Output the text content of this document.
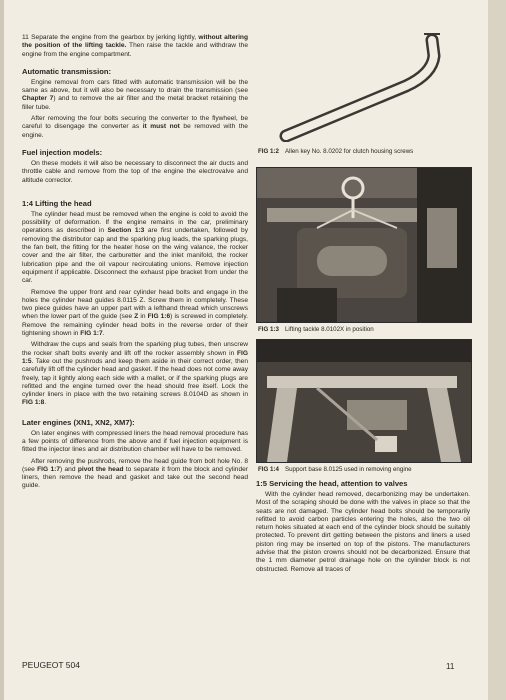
11 Separate the engine from the gearbox by jerking lightly, without altering the position of the lifting tackle. Then raise the tackle and withdraw the engine from the engine compartment.

Automatic transmission:

Engine removal from cars fitted with automatic transmission will be the same as above, but it will also be necessary to drain the transmission (see Chapter 7) and to remove the air filter and the metal bracket retaining the filler tube.

After removing the four bolts securing the converter to the flywheel, be careful to disengage the converter as it must not be removed with the engine.

Fuel injection models:

On these models it will also be necessary to disconnect the air ducts and throttle cable and remove from the top of the engine the electrovalve and altitude corrector.

1:4 Lifting the head

The cylinder head must be removed when the engine is cold to avoid the possibility of deformation. If the engine remains in the car, preliminary operations as described in Section 1:3 are first undertaken, followed by removing the distributor cap and the sparking plug leads, the sparking plugs, the fan belt, the fitting for the heater hose on the wing valance, the rocker cover and the air filter, the carburetter and the inlet manifold, the rocker lubrication pipe and the oil vapour recirculating unions. Remove injection equipment if applicable. Disconnect the exhaust pipe bracket from under the car.

Remove the upper front and rear cylinder head bolts and engage in the holes the cylinder head guides 8.0115 Z. Screw them in completely. These two piece guides have an upper part with a lefthand thread which unscrews when the lower part of the guide (see Z in FIG 1:6) is screwed in completely. Remove the remaining cylinder head bolts in the reverse order of their tightening shown in FIG 1:7.

Withdraw the cups and seals from the sparking plug tubes, then unscrew the rocker shaft bolts evenly and lift off the rocker assembly shown in FIG 1:5. Take out the pushrods and keep them aside in their correct order, then carefully lift off the cylinder head and gasket. If the head does not come away freely, tap it lightly along each side with a mallet, or if the sparking plugs are refitted and the engine turned over the head should free itself. Lock the cylinder liners in place with the two retaining screws 8.0104D as shown in FIG 1:8.

Later engines (XN1, XN2, XM7):

On later engines with compressed liners the head removal procedure has a few points of difference from the above and if fuel injection equipment is fitted the injector lines and air distribution chamber will have to be removed.

After removing the pushrods, remove the head guide from bolt hole No. 8 (see FIG 1:7) and pivot the head to separate it from the block and cylinder liners, then remove the head and gasket and take out the second head guide.

FIG 1:2 Allen key No. 8.0202 for clutch housing screws
FIG 1:3 Lifting tackle 8.0102X in position
FIG 1:4 Support base 8.0125 used in removing engine
1:5 Servicing the head, attention to valves

With the cylinder head removed, decarbonizing may be undertaken. Most of the scraping should be done with the valves in place so that the seats are not damaged. The cylinder head bolts should be temporarily refitted to avoid carbon particles entering the holes, also the two oil return holes situated at each end of the cylinder block should be suitably protected. To prevent dirt getting between the pistons and liners a used piston ring may be inserted on top of the pistons. The manufacturers advise that the piston crowns should not be decarbonized. Ensure that the 1 mm diameter petrol drainage hole on the cylinder block is not obstructed. Remove all traces of

PEUGEOT 504	11
